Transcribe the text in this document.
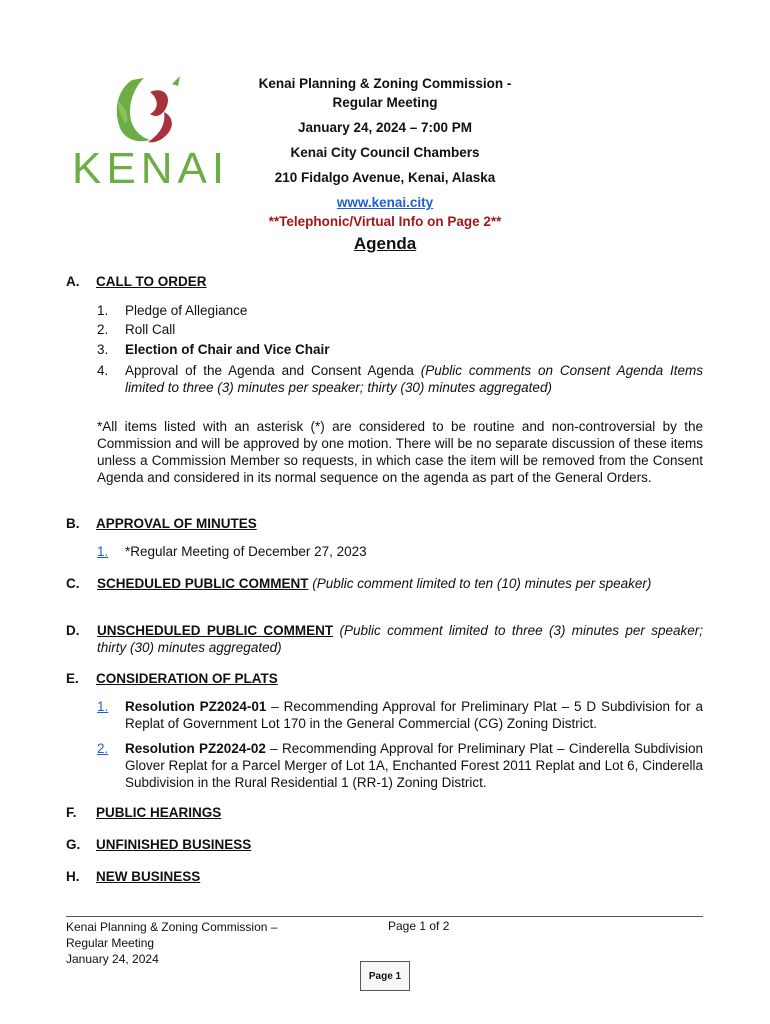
KENAI
Kenai Planning & Zoning Commission -
Regular Meeting
January 24, 2024 – 7:00 PM
Kenai City Council Chambers
210 Fidalgo Avenue, Kenai, Alaska
www.kenai.city
**Telephonic/Virtual Info on Page 2**
Agenda
A. CALL TO ORDER
1.	Pledge of Allegiance
2.	Roll Call
3.	Election of Chair and Vice Chair
4.	Approval of the Agenda and Consent Agenda (Public comments on Consent Agenda Items limited to three (3) minutes per speaker; thirty (30) minutes aggregated)
*All items listed with an asterisk (*) are considered to be routine and non-controversial by the Commission and will be approved by one motion. There will be no separate discussion of these items unless a Commission Member so requests, in which case the item will be removed from the Consent Agenda and considered in its normal sequence on the agenda as part of the General Orders.
B. APPROVAL OF MINUTES
1.	*Regular Meeting of December 27, 2023
C. SCHEDULED PUBLIC COMMENT (Public comment limited to ten (10) minutes per speaker)
D. UNSCHEDULED PUBLIC COMMENT (Public comment limited to three (3) minutes per speaker; thirty (30) minutes aggregated)
E. CONSIDERATION OF PLATS
1.	Resolution PZ2024-01 – Recommending Approval for Preliminary Plat – 5 D Subdivision for a Replat of Government Lot 170 in the General Commercial (CG) Zoning District.
2.	Resolution PZ2024-02 – Recommending Approval for Preliminary Plat – Cinderella Subdivision Glover Replat for a Parcel Merger of Lot 1A, Enchanted Forest 2011 Replat and Lot 6, Cinderella Subdivision in the Rural Residential 1 (RR-1) Zoning District.
F. PUBLIC HEARINGS
G. UNFINISHED BUSINESS
H. NEW BUSINESS
Kenai Planning & Zoning Commission –
Regular Meeting
January 24, 2024
Page 1 of 2
Page 1
